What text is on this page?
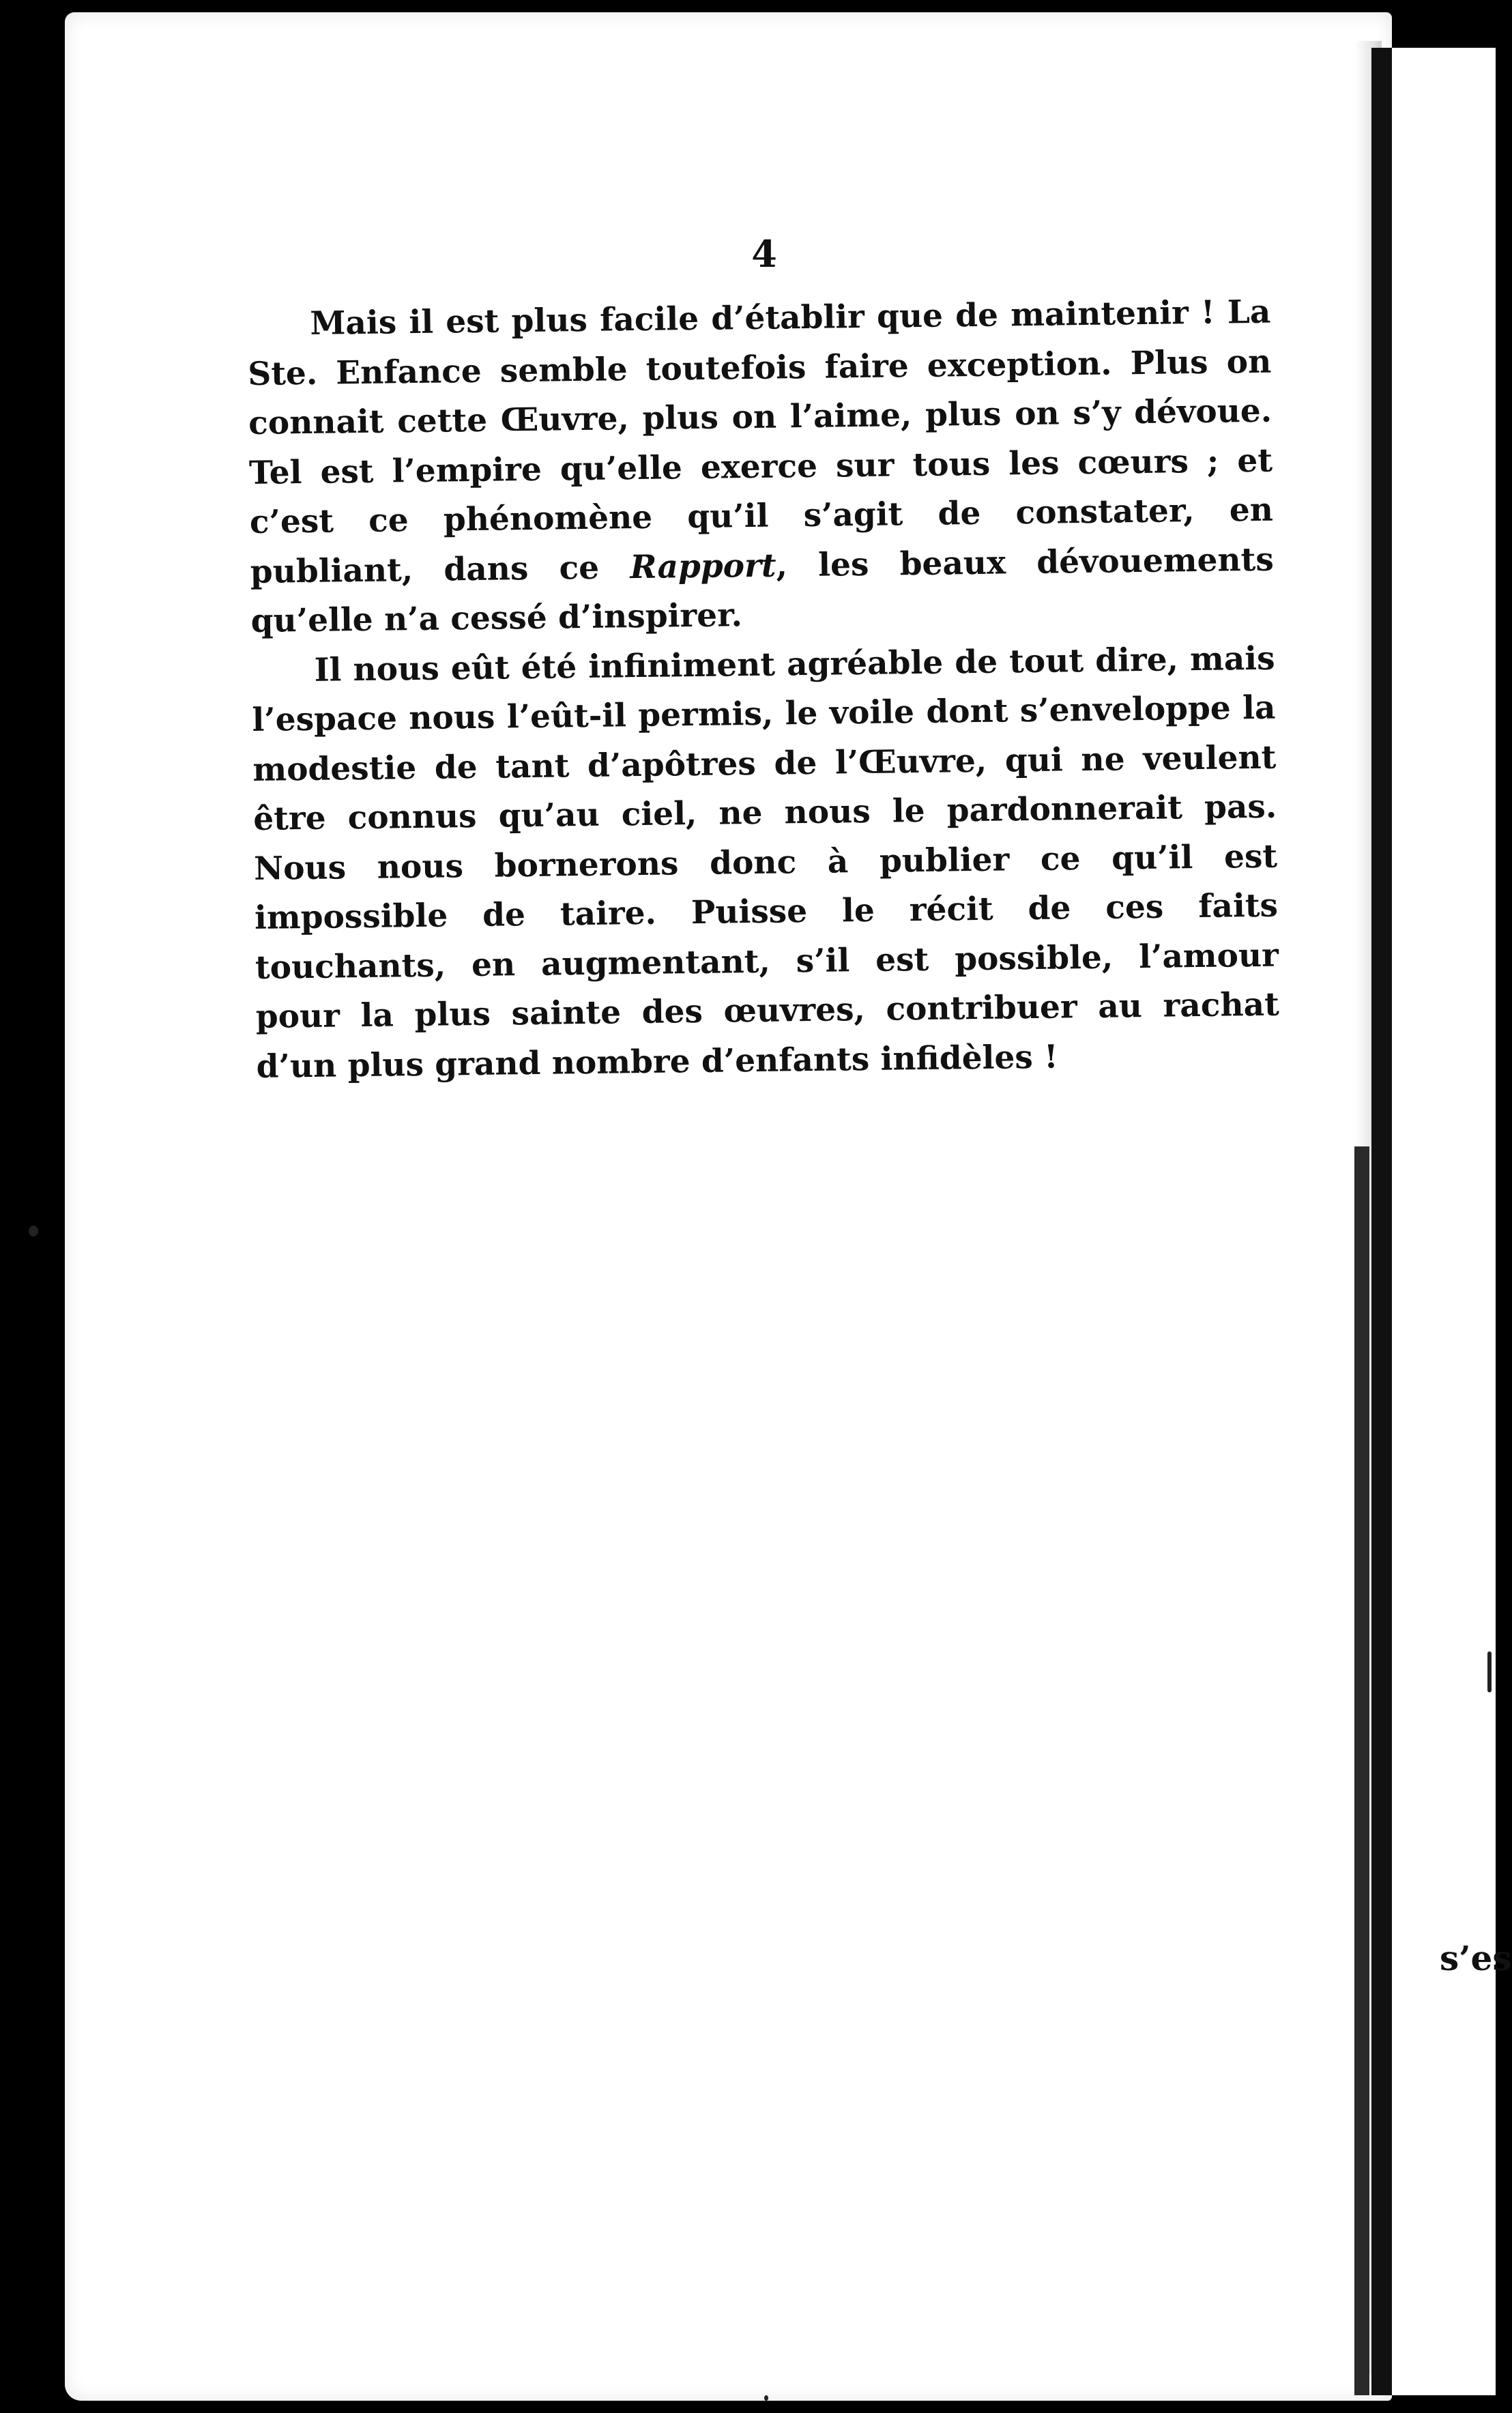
s’es
4

Mais il est plus facile d’établir que de maintenir ! La Ste. Enfance semble toutefois faire exception. Plus on connait cette Œuvre, plus on l’aime, plus on s’y dévoue. Tel est l’empire qu’elle exerce sur tous les cœurs ; et c’est ce phénomène qu’il s’agit de constater, en publiant, dans ce Rapport, les beaux dévouements qu’elle n’a cessé d’inspirer.

Il nous eût été infiniment agréable de tout dire, mais l’espace nous l’eût-il permis, le voile dont s’enveloppe la modestie de tant d’apôtres de l’Œuvre, qui ne veulent être connus qu’au ciel, ne nous le pardonnerait pas. Nous nous bornerons donc à publier ce qu’il est impossible de taire. Puisse le récit de ces faits touchants, en augmentant, s’il est possible, l’amour pour la plus sainte des œuvres, contribuer au rachat d’un plus grand nombre d’enfants infidèles !
